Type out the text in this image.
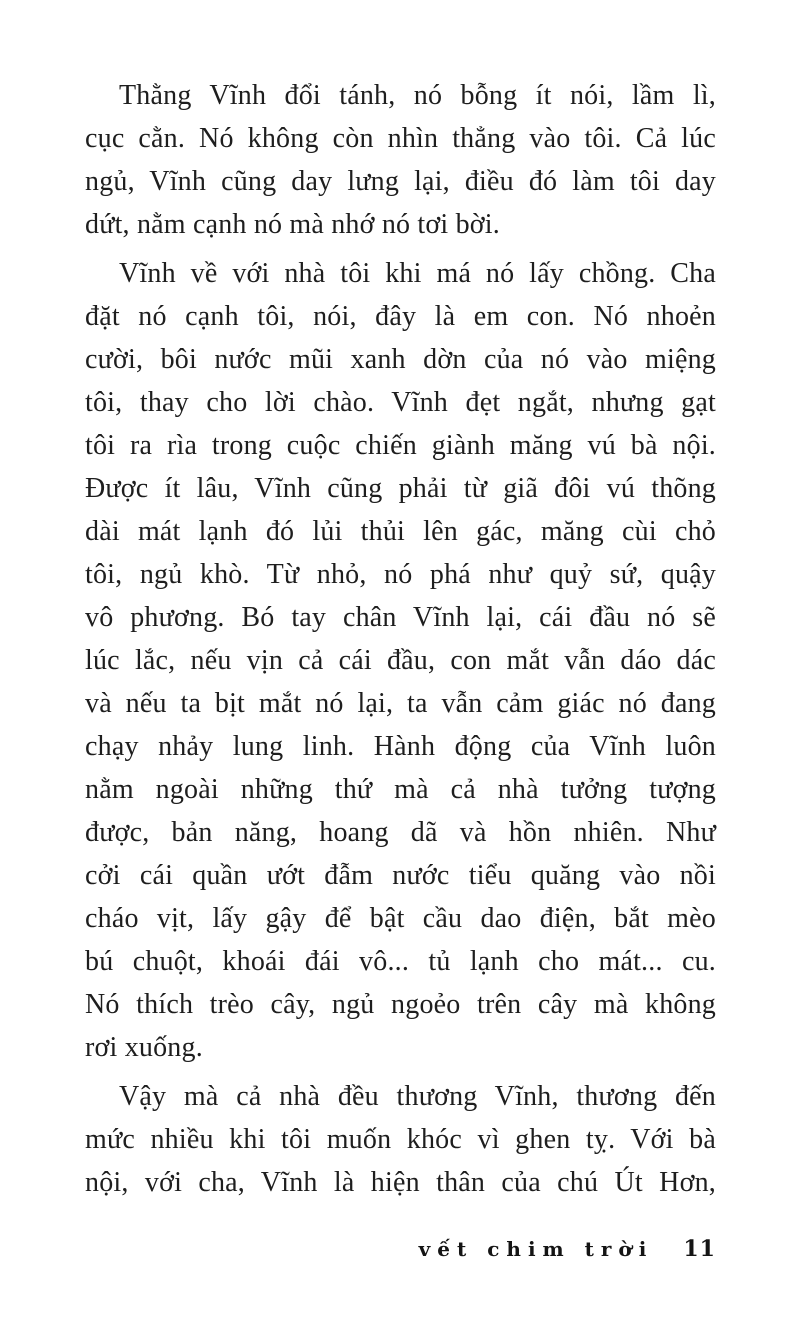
Thằng Vĩnh đổi tánh, nó bỗng ít nói, lầm lì,
cục cằn. Nó không còn nhìn thẳng vào tôi. Cả lúc
ngủ, Vĩnh cũng day lưng lại, điều đó làm tôi day
dứt, nằm cạnh nó mà nhớ nó tơi bời.
Vĩnh về với nhà tôi khi má nó lấy chồng. Cha
đặt nó cạnh tôi, nói, đây là em con. Nó nhoẻn
cười, bôi nước mũi xanh dờn của nó vào miệng
tôi, thay cho lời chào. Vĩnh đẹt ngắt, nhưng gạt
tôi ra rìa trong cuộc chiến giành măng vú bà nội.
Được ít lâu, Vĩnh cũng phải từ giã đôi vú thõng
dài mát lạnh đó lủi thủi lên gác, măng cùi chỏ
tôi, ngủ khò. Từ nhỏ, nó phá như quỷ sứ, quậy
vô phương. Bó tay chân Vĩnh lại, cái đầu nó sẽ
lúc lắc, nếu vịn cả cái đầu, con mắt vẫn dáo dác
và nếu ta bịt mắt nó lại, ta vẫn cảm giác nó đang
chạy nhảy lung linh. Hành động của Vĩnh luôn
nằm ngoài những thứ mà cả nhà tưởng tượng
được, bản năng, hoang dã và hồn nhiên. Như
cởi cái quần ướt đẫm nước tiểu quăng vào nồi
cháo vịt, lấy gậy để bật cầu dao điện, bắt mèo
bú chuột, khoái đái vô... tủ lạnh cho mát... cu.
Nó thích trèo cây, ngủ ngoẻo trên cây mà không
rơi xuống.
Vậy mà cả nhà đều thương Vĩnh, thương đến
mức nhiều khi tôi muốn khóc vì ghen tỵ. Với bà
nội, với cha, Vĩnh là hiện thân của chú Út Hơn,
vết chim trời 11
